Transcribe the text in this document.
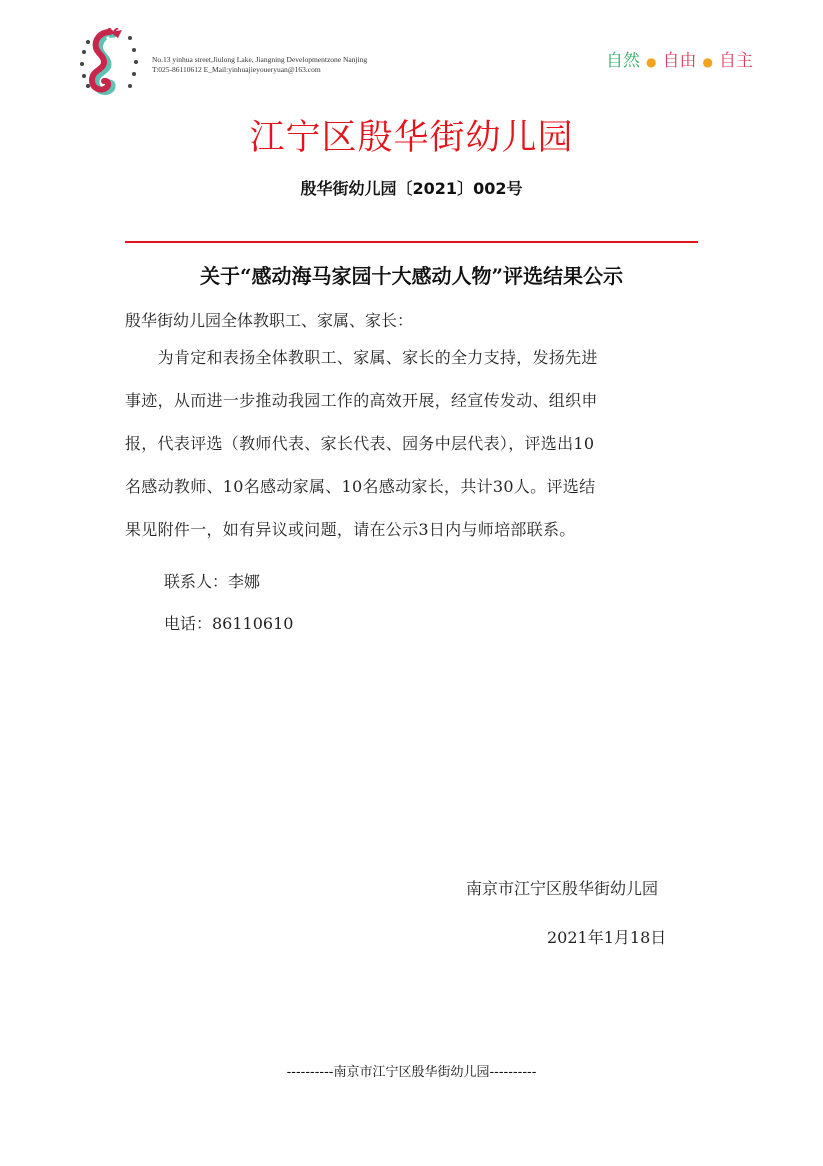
No.13 yinhua street,Jiulong Lake, Jiangning Developmentzone Nanjing
T:025-86110612 E_Mail:yinhuajieyoueryuan@163.com	自然 ● 自由 ● 自主
江宁区殷华街幼儿园
殷华街幼儿园〔2021〕002号
关于“感动海马家园十大感动人物”评选结果公示
殷华街幼儿园全体教职工、家属、家长：
　　为肯定和表扬全体教职工、家属、家长的全力支持，发扬先进
事迹，从而进一步推动我园工作的高效开展，经宣传发动、组织申
报，代表评选（教师代表、家长代表、园务中层代表），评选出10
名感动教师、10名感动家属、10名感动家长，共计30人。评选结
果见附件一，如有异议或问题，请在公示3日内与师培部联系。
联系人：李娜
电话：86110610
南京市江宁区殷华街幼儿园
2021年1月18日
----------南京市江宁区殷华街幼儿园----------
